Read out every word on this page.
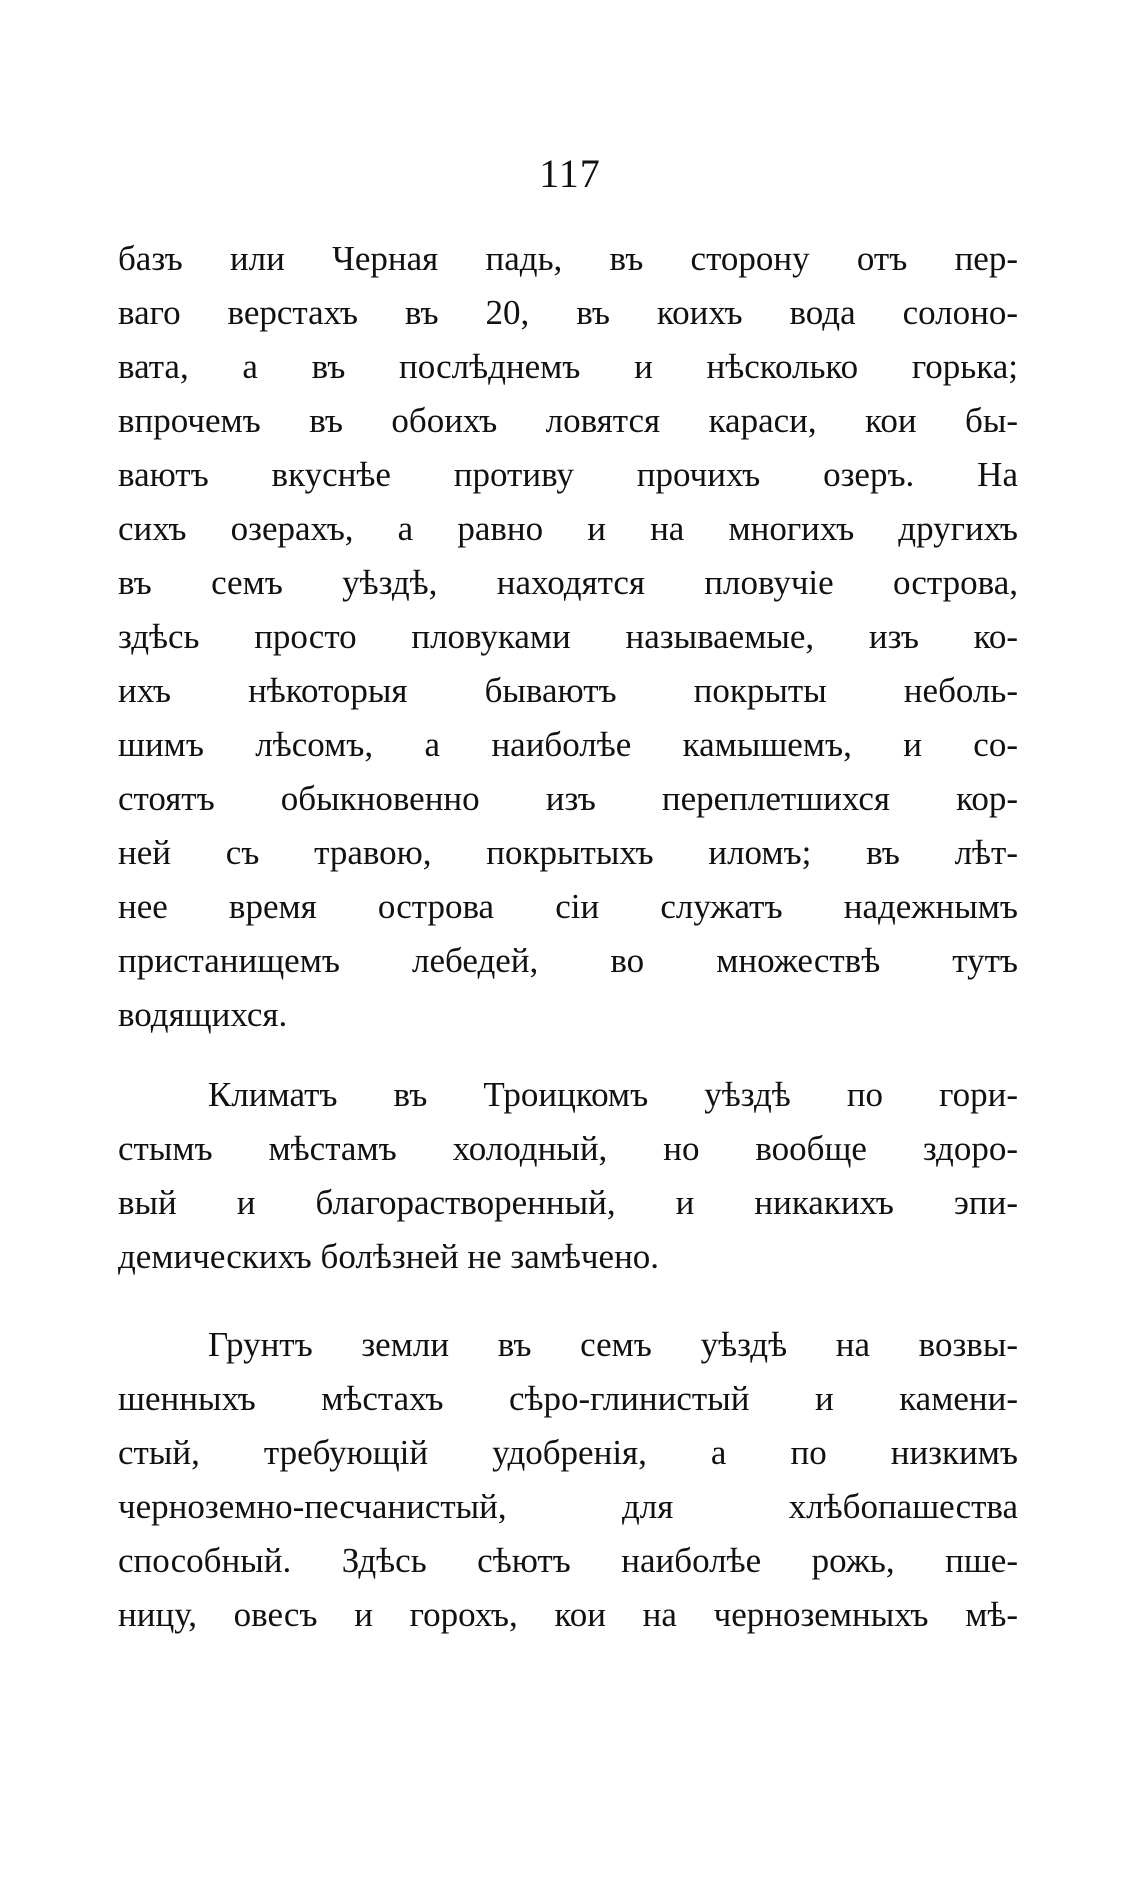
117
базъ или Черная падь, въ сторону отъ пер-
ваго верстахъ въ 20, въ коихъ вода солоно-
вата, а въ послѣднемъ и нѣсколько горька;
впрочемъ въ обоихъ ловятся караси, кои бы-
ваютъ вкуснѣе противу прочихъ озеръ. На
сихъ озерахъ, а равно и на многихъ другихъ
въ семъ уѣздѣ, находятся пловучіе острова,
здѣсь просто пловуками называемые, изъ ко-
ихъ нѣкоторыя бываютъ покрыты неболь-
шимъ лѣсомъ, а наиболѣе камышемъ, и со-
стоятъ обыкновенно изъ переплетшихся кор-
ней съ травою, покрытыхъ иломъ; въ лѣт-
нее время острова сіи служатъ надежнымъ
пристанищемъ лебедей, во множествѣ тутъ
водящихся.
Климатъ въ Троицкомъ уѣздѣ по гори-
стымъ мѣстамъ холодный, но вообще здоро-
вый и благорастворенный, и никакихъ эпи-
демическихъ болѣзней не замѣчено.
Грунтъ земли въ семъ уѣздѣ на возвы-
шенныхъ мѣстахъ сѣро-глинистый и камени-
стый, требующій удобренія, а по низкимъ
черноземно-песчанистый, для хлѣбопашества
способный. Здѣсь сѣютъ наиболѣе рожь, пше-
ницу, овесъ и горохъ, кои на черноземныхъ мѣ-
